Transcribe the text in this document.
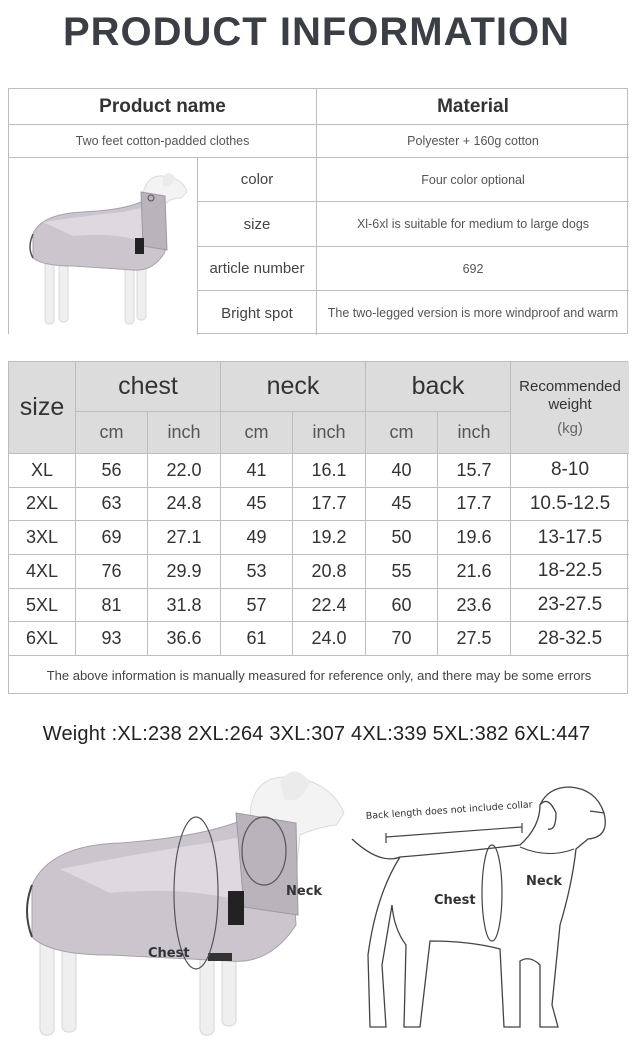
PRODUCT INFORMATION
Product name	Material
Two feet cotton-padded clothes	Polyester + 160g cotton
color	Four color optional
size	Xl-6xl is suitable for medium to large dogs
article number	692
Bright spot	The two-legged version is more windproof and warm
size
chest	neck	back	Recommended
weight
(kg)
cm	inch	cm	inch	cm	inch
XL	56	22.0	41	16.1	40	15.7	8-10
2XL	63	24.8	45	17.7	45	17.7	10.5-12.5
3XL	69	27.1	49	19.2	50	19.6	13-17.5
4XL	76	29.9	53	20.8	55	21.6	18-22.5
5XL	81	31.8	57	22.4	60	23.6	23-27.5
6XL	93	36.6	61	24.0	70	27.5	28-32.5
The above information is manually measured for reference only, and there may be some errors
Weight :XL:238 2XL:264 3XL:307 4XL:339 5XL:382 6XL:447
Neck
Chest
Back length does not include collar
Chest
Neck
